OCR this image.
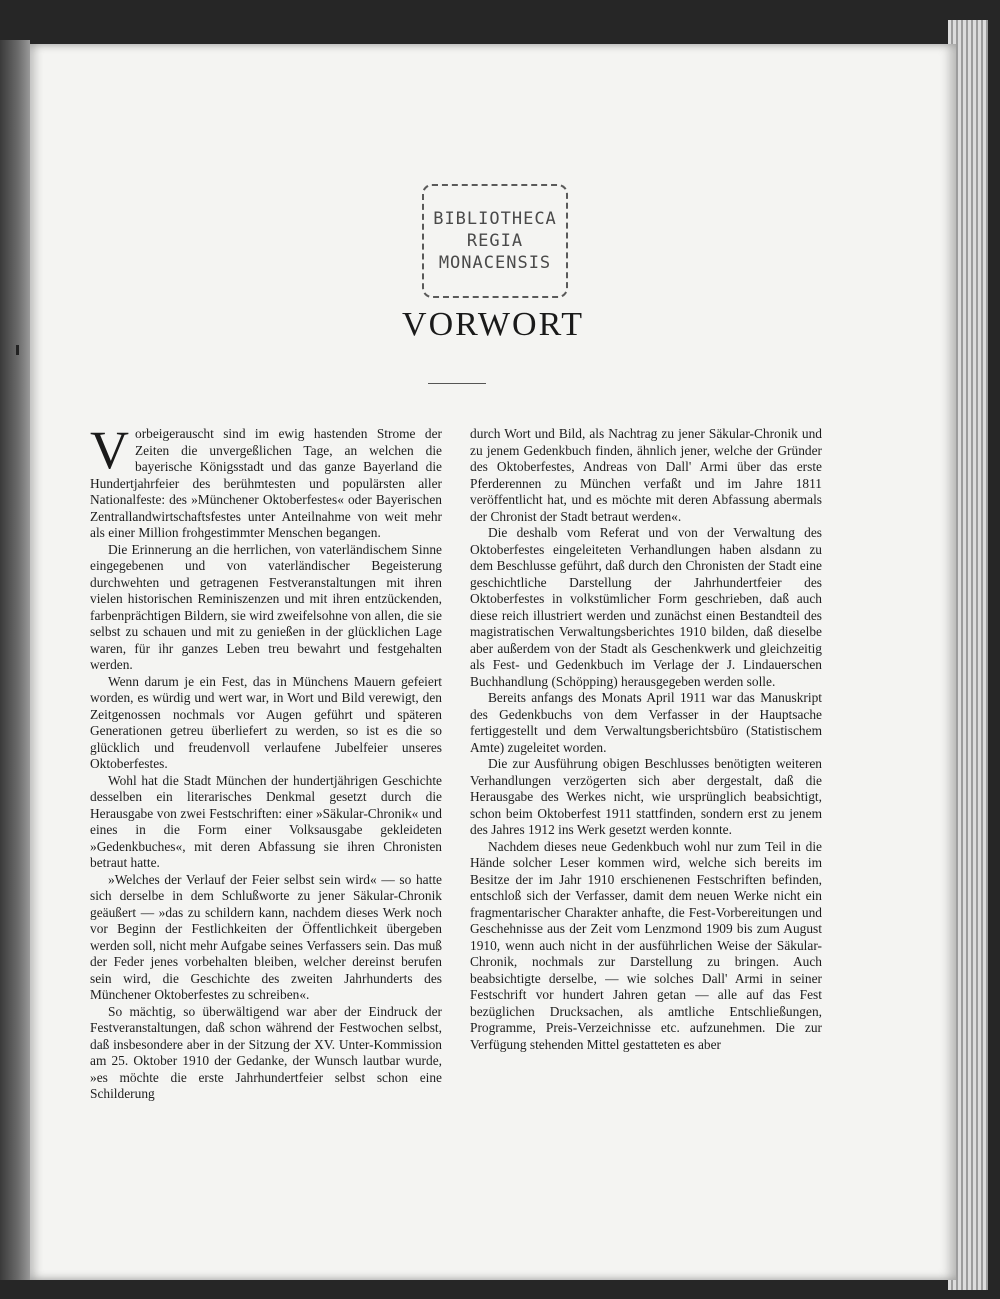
BIBLIOTHECA
REGIA
MONACENSIS
VORWORT

Vorbeigerauscht sind im ewig hastenden Strome der Zeiten die unvergeßlichen Tage, an welchen die bayerische Königsstadt und das ganze Bayerland die Hundertjahrfeier des berühmtesten und populärsten aller Nationalfeste: des »Münchener Oktoberfestes« oder Bayerischen Zentrallandwirtschaftsfestes unter Anteilnahme von weit mehr als einer Million frohgestimmter Menschen begangen.

Die Erinnerung an die herrlichen, von vaterländischem Sinne eingegebenen und von vaterländischer Begeisterung durchwehten und getragenen Festveranstaltungen mit ihren vielen historischen Reminiszenzen und mit ihren entzückenden, farbenprächtigen Bildern, sie wird zweifelsohne von allen, die sie selbst zu schauen und mit zu genießen in der glücklichen Lage waren, für ihr ganzes Leben treu bewahrt und festgehalten werden.

Wenn darum je ein Fest, das in Münchens Mauern gefeiert worden, es würdig und wert war, in Wort und Bild verewigt, den Zeitgenossen nochmals vor Augen geführt und späteren Generationen getreu überliefert zu werden, so ist es die so glücklich und freudenvoll verlaufene Jubelfeier unseres Oktoberfestes.

Wohl hat die Stadt München der hundertjährigen Geschichte desselben ein literarisches Denkmal gesetzt durch die Herausgabe von zwei Festschriften: einer »Säkular-Chronik« und eines in die Form einer Volksausgabe gekleideten »Gedenkbuches«, mit deren Abfassung sie ihren Chronisten betraut hatte.

»Welches der Verlauf der Feier selbst sein wird« — so hatte sich derselbe in dem Schlußworte zu jener Säkular-Chronik geäußert — »das zu schildern kann, nachdem dieses Werk noch vor Beginn der Festlichkeiten der Öffentlichkeit übergeben werden soll, nicht mehr Aufgabe seines Verfassers sein. Das muß der Feder jenes vorbehalten bleiben, welcher dereinst berufen sein wird, die Geschichte des zweiten Jahrhunderts des Münchener Oktoberfestes zu schreiben«.

So mächtig, so überwältigend war aber der Eindruck der Festveranstaltungen, daß schon während der Festwochen selbst, daß insbesondere aber in der Sitzung der XV. Unter-Kommission am 25. Oktober 1910 der Gedanke, der Wunsch lautbar wurde, »es möchte die erste Jahrhundertfeier selbst schon eine Schilderung

durch Wort und Bild, als Nachtrag zu jener Säkular-Chronik und zu jenem Gedenkbuch finden, ähnlich jener, welche der Gründer des Oktoberfestes, Andreas von Dall' Armi über das erste Pferderennen zu München verfaßt und im Jahre 1811 veröffentlicht hat, und es möchte mit deren Abfassung abermals der Chronist der Stadt betraut werden«.

Die deshalb vom Referat und von der Verwaltung des Oktoberfestes eingeleiteten Verhandlungen haben alsdann zu dem Beschlusse geführt, daß durch den Chronisten der Stadt eine geschichtliche Darstellung der Jahrhundertfeier des Oktoberfestes in volkstümlicher Form geschrieben, daß auch diese reich illustriert werden und zunächst einen Bestandteil des magistratischen Verwaltungsberichtes 1910 bilden, daß dieselbe aber außerdem von der Stadt als Geschenkwerk und gleichzeitig als Fest- und Gedenkbuch im Verlage der J. Lindauerschen Buchhandlung (Schöpping) herausgegeben werden solle.

Bereits anfangs des Monats April 1911 war das Manuskript des Gedenkbuchs von dem Verfasser in der Hauptsache fertiggestellt und dem Verwaltungsberichtsbüro (Statistischem Amte) zugeleitet worden.

Die zur Ausführung obigen Beschlusses benötigten weiteren Verhandlungen verzögerten sich aber dergestalt, daß die Herausgabe des Werkes nicht, wie ursprünglich beabsichtigt, schon beim Oktoberfest 1911 stattfinden, sondern erst zu jenem des Jahres 1912 ins Werk gesetzt werden konnte.

Nachdem dieses neue Gedenkbuch wohl nur zum Teil in die Hände solcher Leser kommen wird, welche sich bereits im Besitze der im Jahr 1910 erschienenen Festschriften befinden, entschloß sich der Verfasser, damit dem neuen Werke nicht ein fragmentarischer Charakter anhafte, die Fest-Vorbereitungen und Geschehnisse aus der Zeit vom Lenzmond 1909 bis zum August 1910, wenn auch nicht in der ausführlichen Weise der Säkular-Chronik, nochmals zur Darstellung zu bringen. Auch beabsichtigte derselbe, — wie solches Dall' Armi in seiner Festschrift vor hundert Jahren getan — alle auf das Fest bezüglichen Drucksachen, als amtliche Entschließungen, Programme, Preis-Verzeichnisse etc. aufzunehmen. Die zur Verfügung stehenden Mittel gestatteten es aber
